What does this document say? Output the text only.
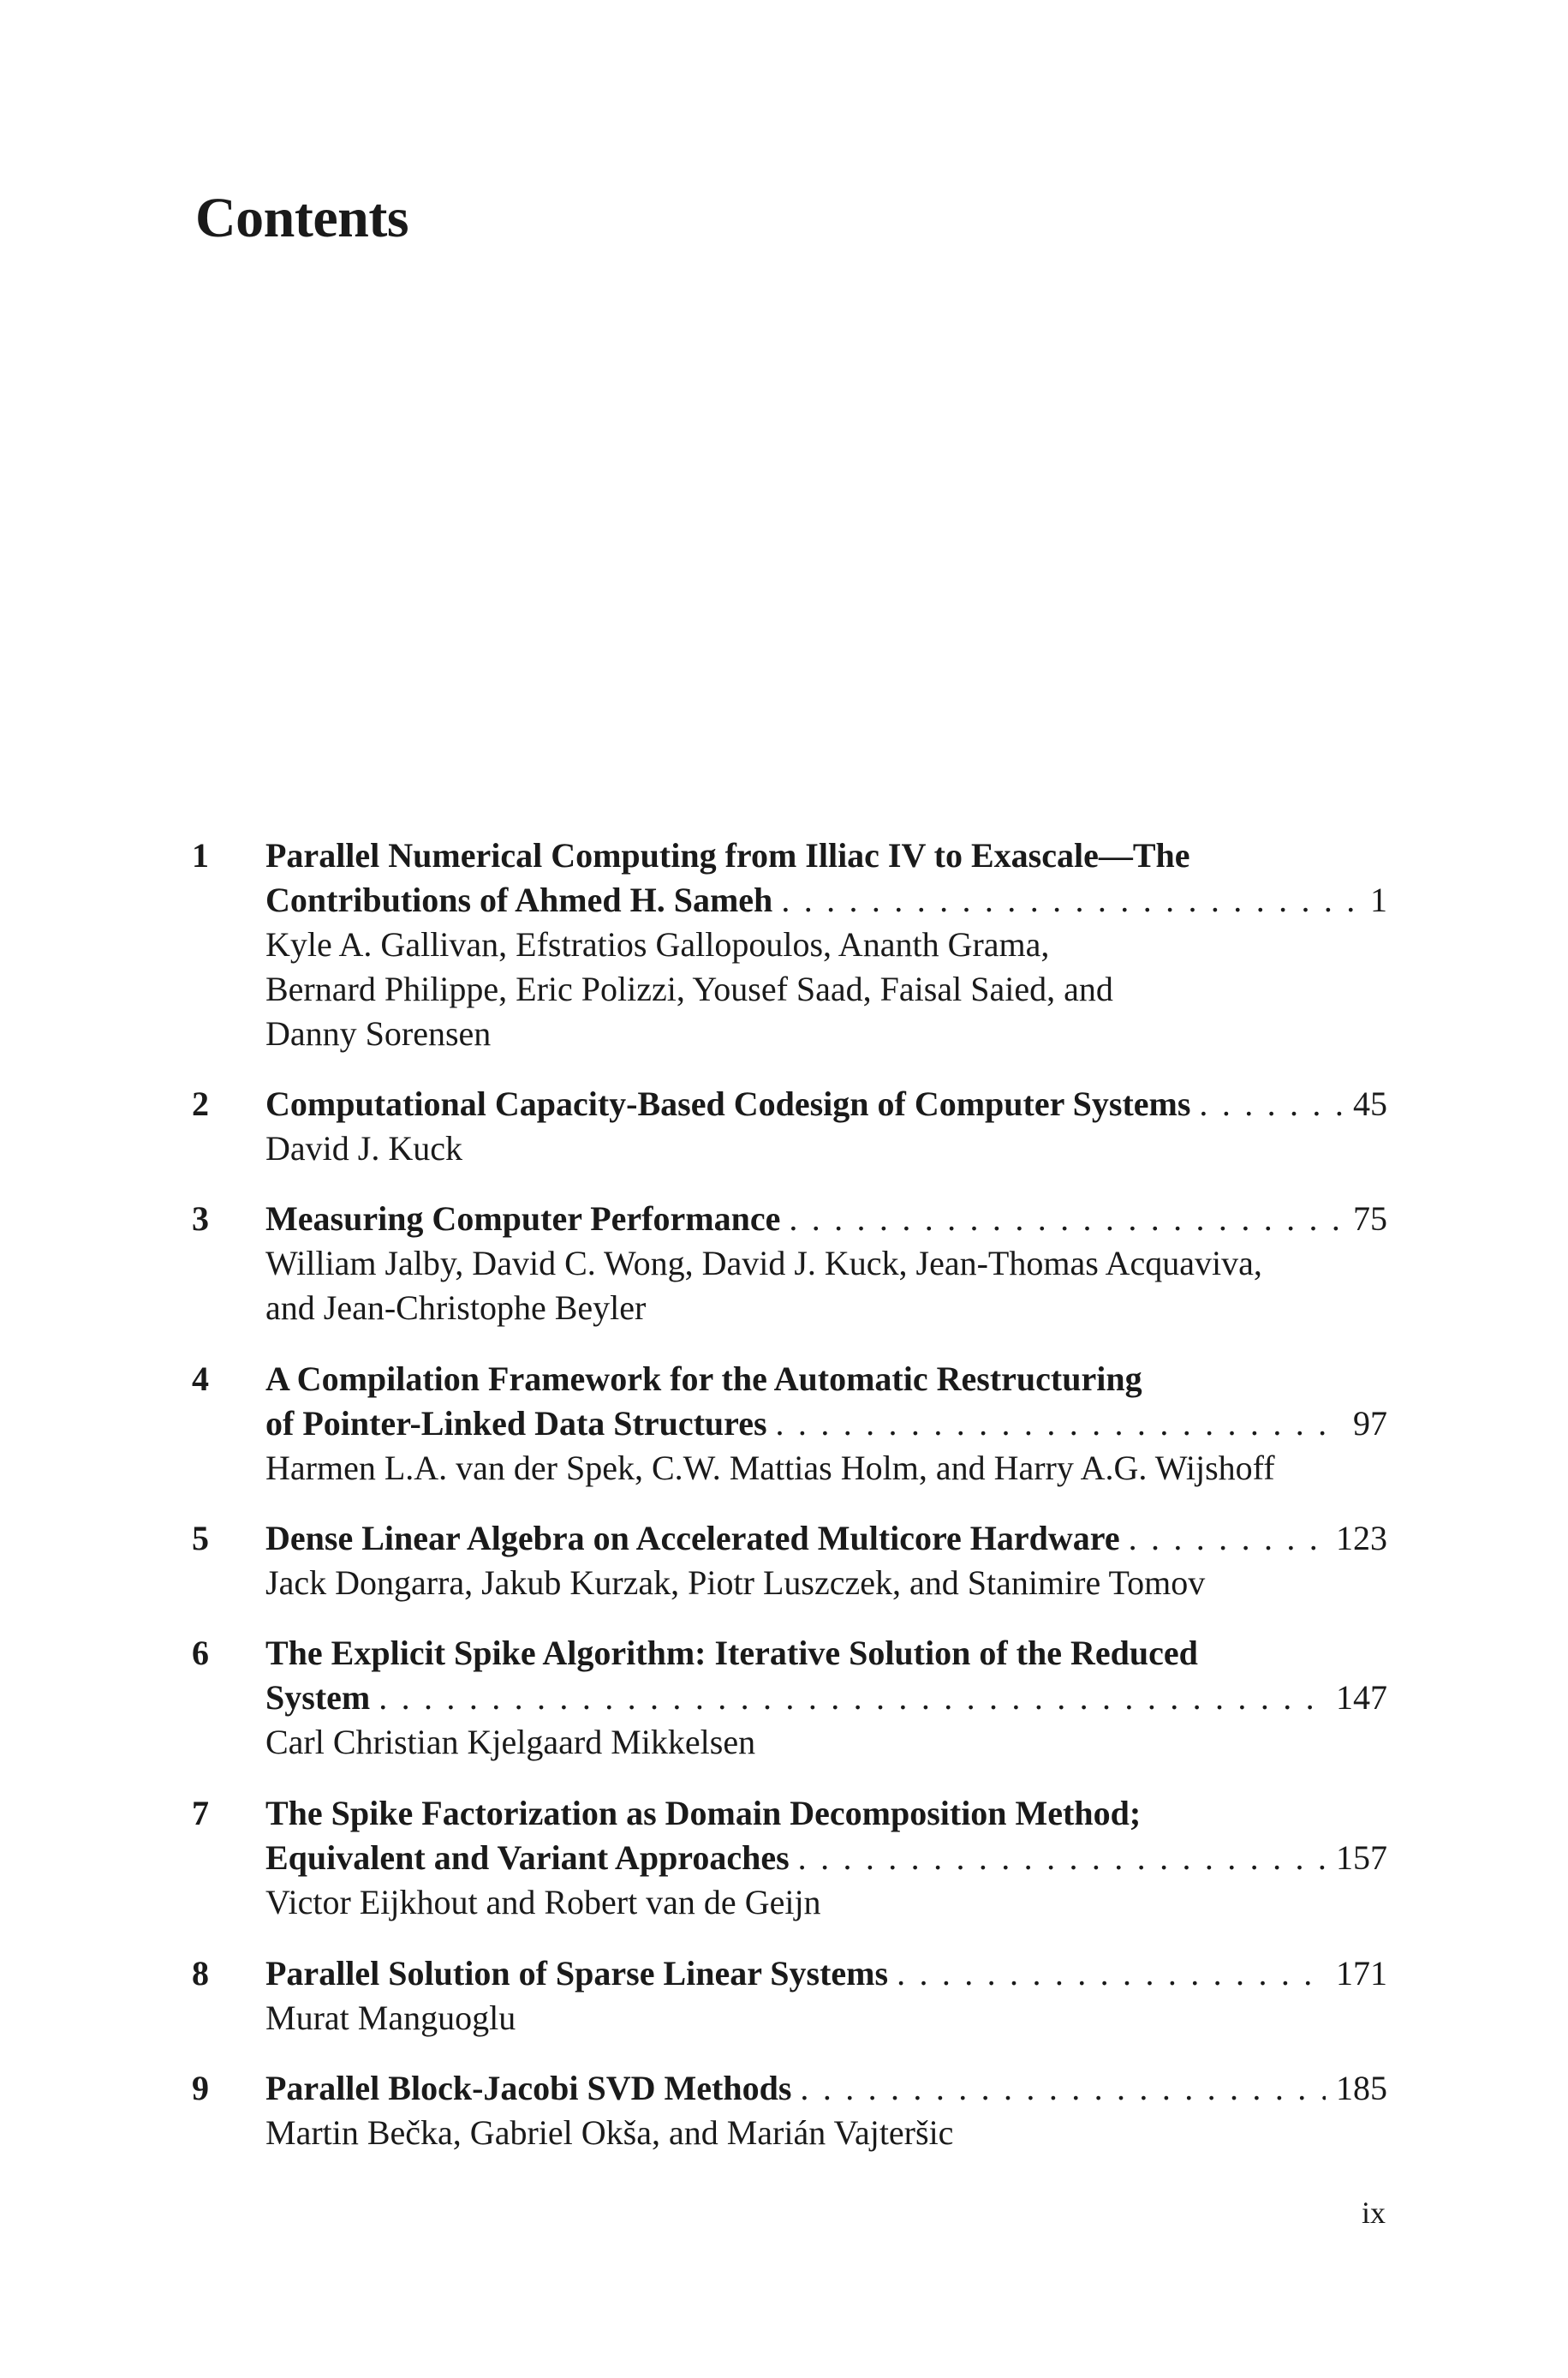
Contents
1 Parallel Numerical Computing from Illiac IV to Exascale—The
Contributions of Ahmed H. Sameh . . .	1
Kyle A. Gallivan, Efstratios Gallopoulos, Ananth Grama,
Bernard Philippe, Eric Polizzi, Yousef Saad, Faisal Saied, and
Danny Sorensen
2 Computational Capacity-Based Codesign of Computer Systems . . .	45
David J. Kuck
3 Measuring Computer Performance . . .	75
William Jalby, David C. Wong, David J. Kuck, Jean-Thomas Acquaviva,
and Jean-Christophe Beyler
4 A Compilation Framework for the Automatic Restructuring
of Pointer-Linked Data Structures . . .	97
Harmen L.A. van der Spek, C.W. Mattias Holm, and Harry A.G. Wijshoff
5 Dense Linear Algebra on Accelerated Multicore Hardware . . .	123
Jack Dongarra, Jakub Kurzak, Piotr Luszczek, and Stanimire Tomov
6 The Explicit Spike Algorithm: Iterative Solution of the Reduced
System . . .	147
Carl Christian Kjelgaard Mikkelsen
7 The Spike Factorization as Domain Decomposition Method;
Equivalent and Variant Approaches . . .	157
Victor Eijkhout and Robert van de Geijn
8 Parallel Solution of Sparse Linear Systems . . .	171
Murat Manguoglu
9 Parallel Block-Jacobi SVD Methods . . .	185
Martin Bečka, Gabriel Okša, and Marián Vajteršic
ix
